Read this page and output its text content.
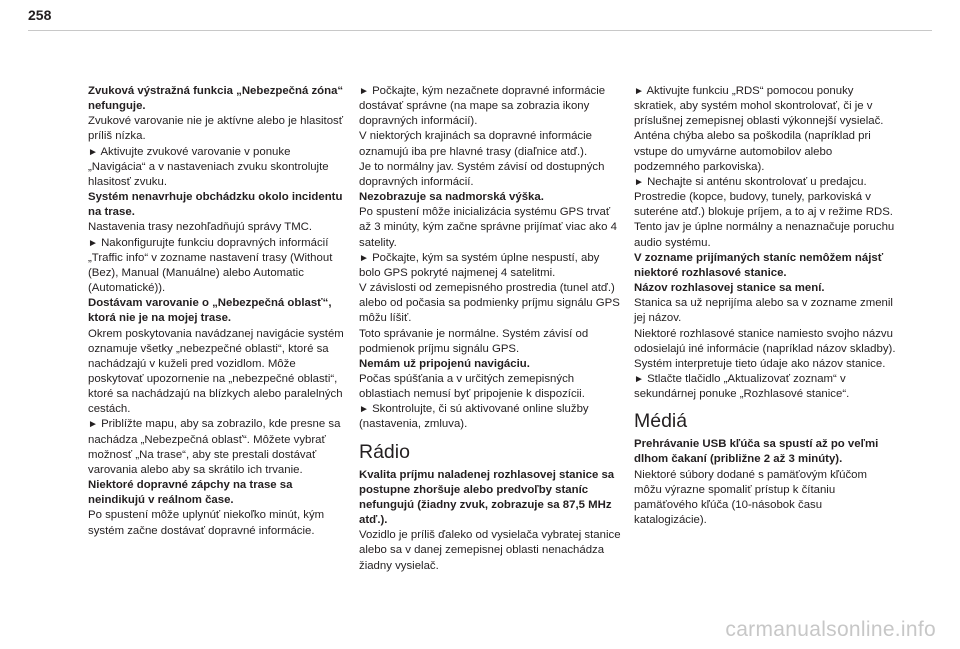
258

Zvuková výstražná funkcia „Nebezpečná zóna“ nefunguje.

Zvukové varovanie nie je aktívne alebo je hlasitosť príliš nízka.

► Aktivujte zvukové varovanie v ponuke „Navigácia“ a v nastaveniach zvuku skontrolujte hlasitosť zvuku.

Systém nenavrhuje obchádzku okolo incidentu na trase.

Nastavenia trasy nezohľadňujú správy TMC.

► Nakonfigurujte funkciu dopravných informácií „Traffic info“ v zozname nastavení trasy (Without (Bez), Manual (Manuálne) alebo Automatic (Automatické)).

Dostávam varovanie o „Nebezpečná oblasť“, ktorá nie je na mojej trase.

Okrem poskytovania navádzanej navigácie systém oznamuje všetky „nebezpečné oblasti“, ktoré sa nachádzajú v kuželi pred vozidlom. Môže poskytovať upozornenie na „nebezpečné oblasti“, ktoré sa nachádzajú na blízkych alebo paralelných cestách.

► Priblížte mapu, aby sa zobrazilo, kde presne sa nachádza „Nebezpečná oblasť“. Môžete vybrať možnosť „Na trase“, aby ste prestali dostávať varovania alebo aby sa skrátilo ich trvanie.

Niektoré dopravné zápchy na trase sa neindikujú v reálnom čase.

Po spustení môže uplynúť niekoľko minút, kým systém začne dostávať dopravné informácie.

► Počkajte, kým nezačnete dopravné informácie dostávať správne (na mape sa zobrazia ikony dopravných informácií).

V niektorých krajinách sa dopravné informácie oznamujú iba pre hlavné trasy (diaľnice atď.).

Je to normálny jav. Systém závisí od dostupných dopravných informácií.

Nezobrazuje sa nadmorská výška.

Po spustení môže inicializácia systému GPS trvať až 3 minúty, kým začne správne prijímať viac ako 4 satelity.

► Počkajte, kým sa systém úplne nespustí, aby bolo GPS pokryté najmenej 4 satelitmi.

V závislosti od zemepisného prostredia (tunel atď.) alebo od počasia sa podmienky príjmu signálu GPS môžu líšiť.

Toto správanie je normálne. Systém závisí od podmienok príjmu signálu GPS.

Nemám už pripojenú navigáciu.

Počas spúšťania a v určitých zemepisných oblastiach nemusí byť pripojenie k dispozícii.

► Skontrolujte, či sú aktivované online služby (nastavenia, zmluva).

Rádio

Kvalita príjmu naladenej rozhlasovej stanice sa postupne zhoršuje alebo predvoľby staníc nefungujú (žiadny zvuk, zobrazuje sa 87,5 MHz atď.).

Vozidlo je príliš ďaleko od vysielača vybratej stanice alebo sa v danej zemepisnej oblasti nenachádza žiadny vysielač.

► Aktivujte funkciu „RDS“ pomocou ponuky skratiek, aby systém mohol skontrolovať, či je v príslušnej zemepisnej oblasti výkonnejší vysielač.

Anténa chýba alebo sa poškodila (napríklad pri vstupe do umyvárne automobilov alebo podzemného parkoviska).

► Nechajte si anténu skontrolovať u predajcu.

Prostredie (kopce, budovy, tunely, parkoviská v suteréne atď.) blokuje príjem, a to aj v režime RDS.

Tento jav je úplne normálny a nenaznačuje poruchu audio systému.

V zozname prijímaných staníc nemôžem nájsť niektoré rozhlasové stanice.

Názov rozhlasovej stanice sa mení.

Stanica sa už neprijíma alebo sa v zozname zmenil jej názov.

Niektoré rozhlasové stanice namiesto svojho názvu odosielajú iné informácie (napríklad názov skladby).

Systém interpretuje tieto údaje ako názov stanice.

► Stlačte tlačidlo „Aktualizovať zoznam“ v sekundárnej ponuke „Rozhlasové stanice“.

Médiá

Prehrávanie USB kľúča sa spustí až po veľmi dlhom čakaní (približne 2 až 3 minúty).

Niektoré súbory dodané s pamäťovým kľúčom môžu výrazne spomaliť prístup k čítaniu pamäťového kľúča (10-násobok času katalogizácie).

carmanualsonline.info
